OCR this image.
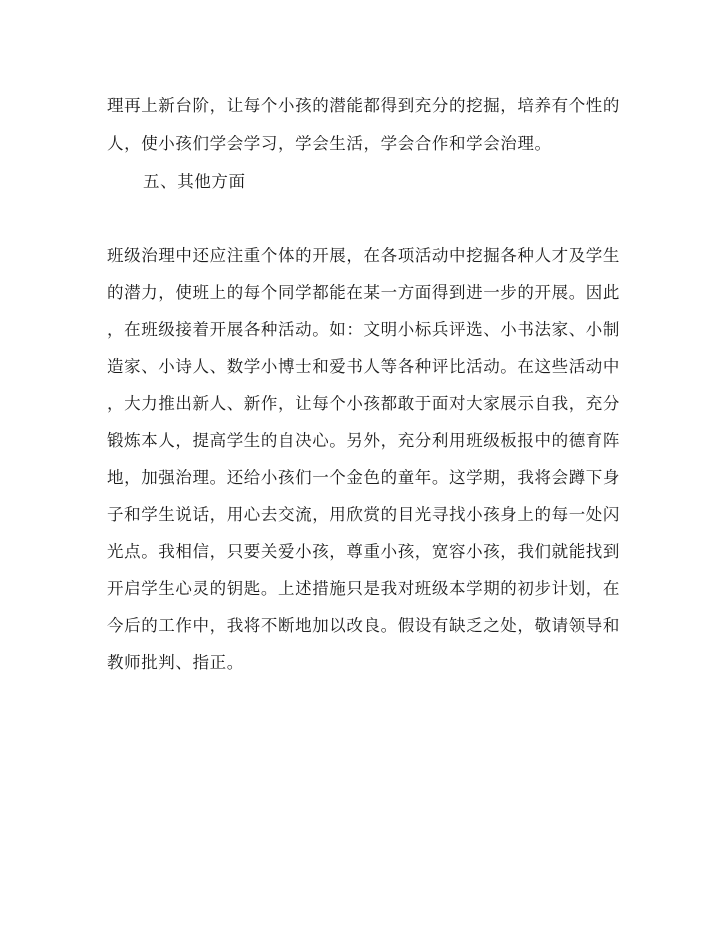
理再上新台阶，让每个小孩的潜能都得到充分的挖掘，培养有个性的
人，使小孩们学会学习，学会生活，学会合作和学会治理。
五、其他方面
班级治理中还应注重个体的开展，在各项活动中挖掘各种人才及学生
的潜力，使班上的每个同学都能在某一方面得到进一步的开展。因此
，在班级接着开展各种活动。如：文明小标兵评选、小书法家、小制
造家、小诗人、数学小博士和爱书人等各种评比活动。在这些活动中
，大力推出新人、新作，让每个小孩都敢于面对大家展示自我，充分
锻炼本人，提高学生的自决心。另外，充分利用班级板报中的德育阵
地，加强治理。还给小孩们一个金色的童年。这学期，我将会蹲下身
子和学生说话，用心去交流，用欣赏的目光寻找小孩身上的每一处闪
光点。我相信，只要关爱小孩，尊重小孩，宽容小孩，我们就能找到
开启学生心灵的钥匙。上述措施只是我对班级本学期的初步计划，在
今后的工作中，我将不断地加以改良。假设有缺乏之处，敬请领导和
教师批判、指正。
